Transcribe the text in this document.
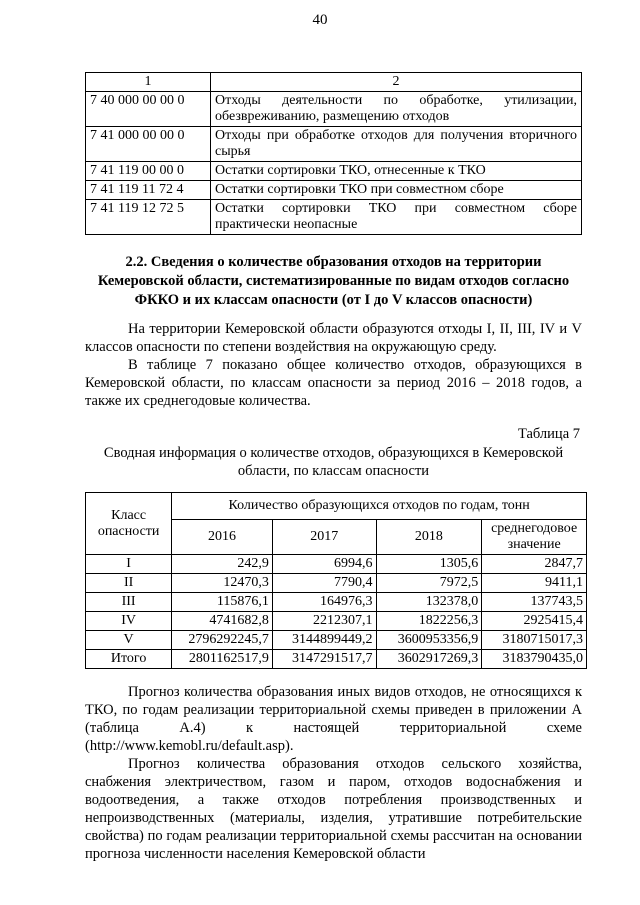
40
1	2
7 40 000 00 00 0	Отходы деятельности по обработке, утилизации, обезвреживанию, размещению отходов
7 41 000 00 00 0	Отходы при обработке отходов для получения вторичного сырья
7 41 119 00 00 0	Остатки сортировки ТКО, отнесенные к ТКО
7 41 119 11 72 4	Остатки сортировки ТКО при совместном сборе
7 41 119 12 72 5	Остатки сортировки ТКО при совместном сборе практически неопасные
2.2. Сведения о количестве образования отходов на территории Кемеровской области, систематизированные по видам отходов согласно ФККО и их классам опасности (от I до V классов опасности)

На территории Кемеровской области образуются отходы I, II, III, IV и V классов опасности по степени воздействия на окружающую среду.

В таблице 7 показано общее количество отходов, образующихся в Кемеровской области, по классам опасности за период 2016 – 2018 годов, а также их среднегодовые количества.

Таблица 7
Сводная информация о количестве отходов, образующихся в Кемеровской области, по классам опасности
Класс опасности	Количество образующихся отходов по годам, тонн			
	2016	2017	2018	среднегодовое значение
I	242,9	6994,6	1305,6	2847,7
II	12470,3	7790,4	7972,5	9411,1
III	115876,1	164976,3	132378,0	137743,5
IV	4741682,8	2212307,1	1822256,3	2925415,4
V	2796292245,7	3144899449,2	3600953356,9	3180715017,3
Итого	2801162517,9	3147291517,7	3602917269,3	3183790435,0

Прогноз количества образования иных видов отходов, не относящихся к ТКО, по годам реализации территориальной схемы приведен в приложении А (таблица А.4) к настоящей территориальной схеме (http://www.kemobl.ru/default.asp).

Прогноз количества образования отходов сельского хозяйства, снабжения электричеством, газом и паром, отходов водоснабжения и водоотведения, а также отходов потребления производственных и непроизводственных (материалы, изделия, утратившие потребительские свойства) по годам реализации территориальной схемы рассчитан на основании прогноза численности населения Кемеровской области
